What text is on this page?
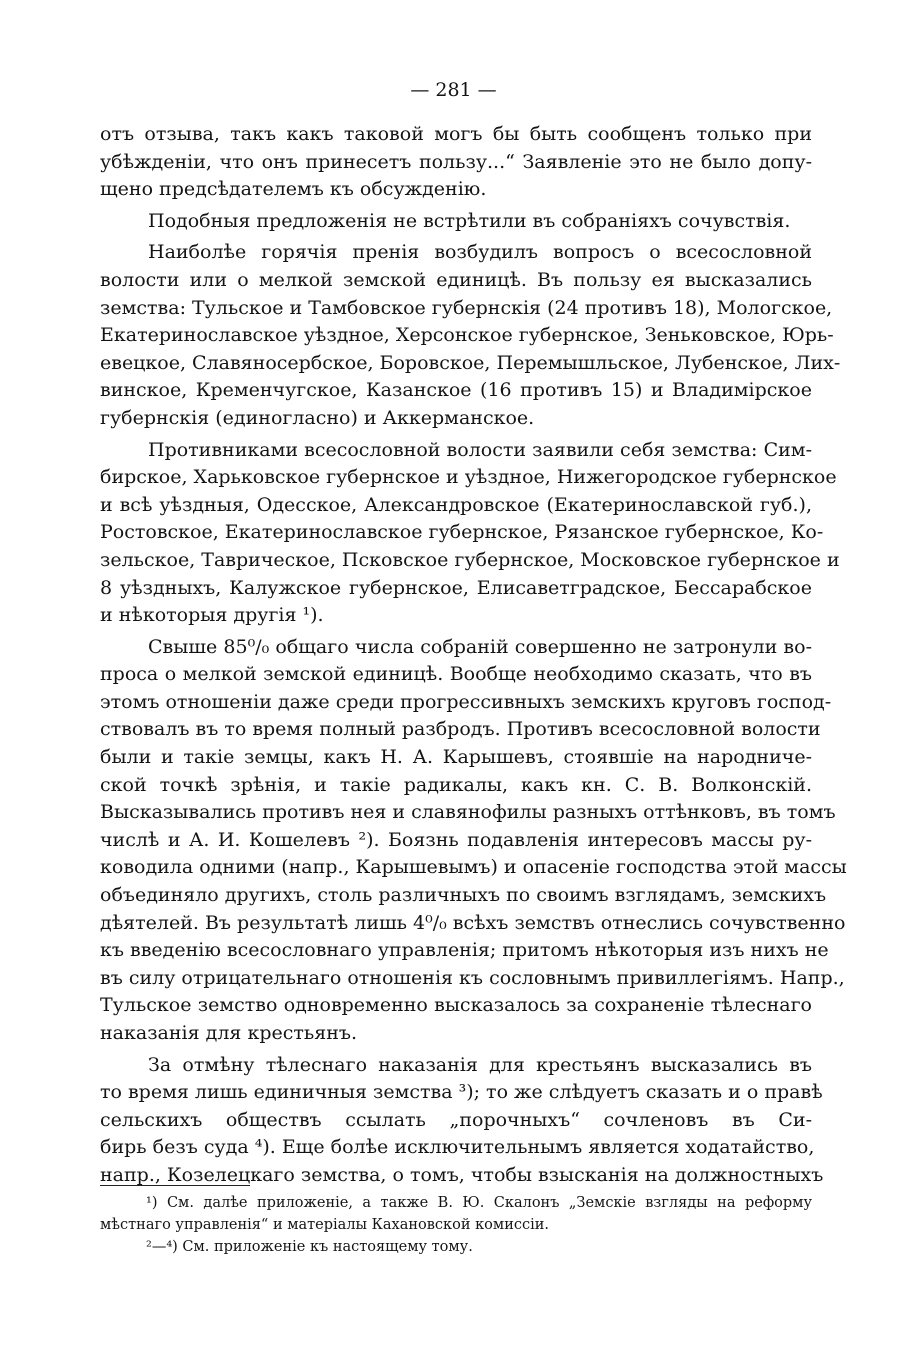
— 281 —
отъ отзыва, такъ какъ таковой могъ бы быть сообщенъ только при
убѣжденіи, что онъ принесетъ пользу...“ Заявленіе это не было допу-
щено предсѣдателемъ къ обсужденію.
Подобныя предложенія не встрѣтили въ собраніяхъ сочувствія.
Наиболѣе горячія пренія возбудилъ вопросъ о всесословной
волости или о мелкой земской единицѣ. Въ пользу ея высказались
земства: Тульское и Тамбовское губернскія (24 противъ 18), Мологское,
Екатеринославское уѣздное, Херсонское губернское, Зеньковское, Юрь-
евецкое, Славяносербское, Боровское, Перемышльское, Лубенское, Лих-
винское, Кременчугское, Казанское (16 противъ 15) и Владимірское
губернскія (единогласно) и Аккерманское.
Противниками всесословной волости заявили себя земства: Сим-
бирское, Харьковское губернское и уѣздное, Нижегородское губернское
и всѣ уѣздныя, Одесское, Александровское (Екатеринославской губ.),
Ростовское, Екатеринославское губернское, Рязанское губернское, Ко-
зельское, Таврическое, Псковское губернское, Московское губернское и
8 уѣздныхъ, Калужское губернское, Елисаветградское, Бессарабское
и нѣкоторыя другія ¹).
Свыше 85⁰/₀ общаго числа собраній совершенно не затронули во-
проса о мелкой земской единицѣ. Вообще необходимо сказать, что въ
этомъ отношеніи даже среди прогрессивныхъ земскихъ круговъ господ-
ствовалъ въ то время полный разбродъ. Противъ всесословной волости
были и такіе земцы, какъ Н. А. Карышевъ, стоявшіе на народниче-
ской точкѣ зрѣнія, и такіе радикалы, какъ кн. С. В. Волконскій.
Высказывались противъ нея и славянофилы разныхъ оттѣнковъ, въ томъ
числѣ и А. И. Кошелевъ ²). Боязнь подавленія интересовъ массы ру-
ководила одними (напр., Карышевымъ) и опасеніе господства этой массы
объединяло другихъ, столь различныхъ по своимъ взглядамъ, земскихъ
дѣятелей. Въ результатѣ лишь 4⁰/₀ всѣхъ земствъ отнеслись сочувственно
къ введенію всесословнаго управленія; притомъ нѣкоторыя изъ нихъ не
въ силу отрицательнаго отношенія къ сословнымъ привиллегіямъ. Напр.,
Тульское земство одновременно высказалось за сохраненіе тѣлеснаго
наказанія для крестьянъ.
За отмѣну тѣлеснаго наказанія для крестьянъ высказались въ
то время лишь единичныя земства ³); то же слѣдуетъ сказать и о правѣ
сельскихъ обществъ ссылать „порочныхъ“ сочленовъ въ Си-
бирь безъ суда ⁴). Еще болѣе исключительнымъ является ходатайство,
напр., Козелецкаго земства, о томъ, чтобы взысканія на должностныхъ
¹) См. далѣе приложеніе, а также В. Ю. Скалонъ „Земскіе взгляды на реформу
мѣстнаго управленія“ и матеріалы Кахановской комиссіи.
²—⁴) См. приложеніе къ настоящему тому.
